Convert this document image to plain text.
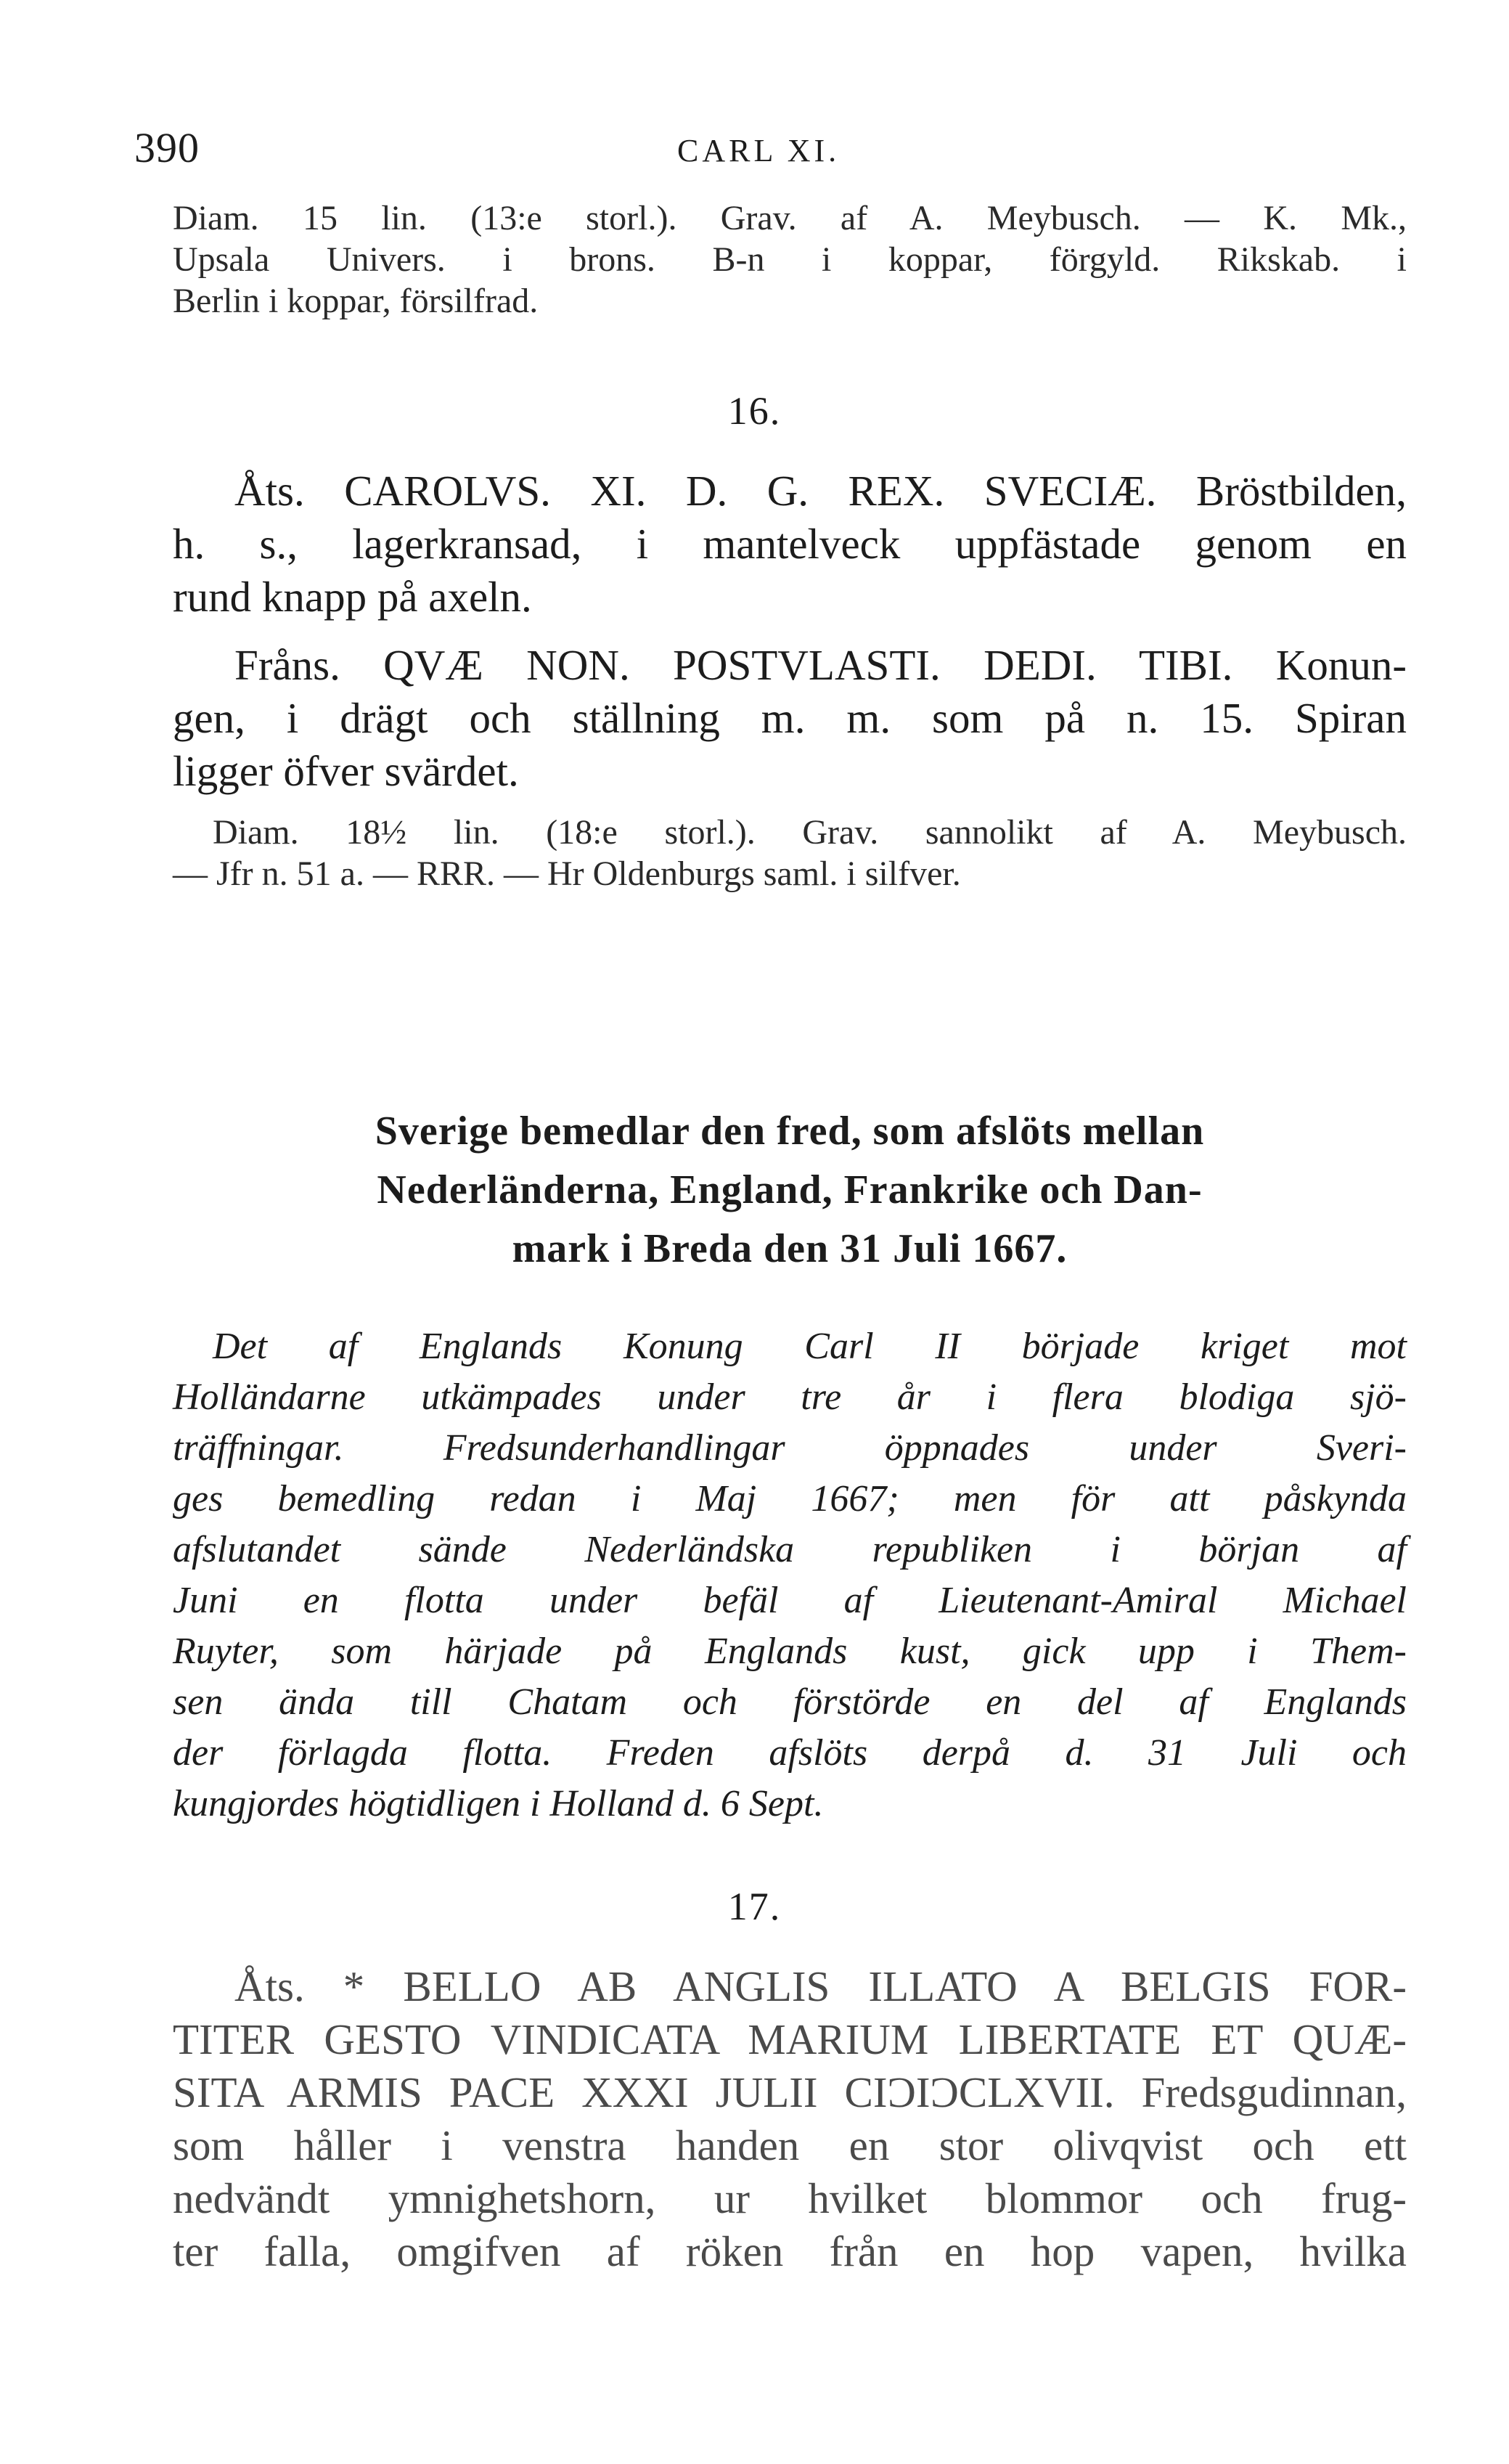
390	CARL XI.
Diam. 15 lin. (13:e storl.). Grav. af A. Meybusch. — K. Mk.,
Upsala Univers. i brons. B-n i koppar, förgyld. Rikskab. i
Berlin i koppar, försilfrad.
16.
Åts. CAROLVS. XI. D. G. REX. SVECIÆ. Bröstbilden,
h. s., lagerkransad, i mantelveck uppfästade genom en
rund knapp på axeln.
Fråns. QVÆ NON. POSTVLASTI. DEDI. TIBI. Konun-
gen, i drägt och ställning m. m. som på n. 15. Spiran
ligger öfver svärdet.
Diam. 18½ lin. (18:e storl.). Grav. sannolikt af A. Meybusch.
— Jfr n. 51 a. — RRR. — Hr Oldenburgs saml. i silfver.
Sverige bemedlar den fred, som afslöts mellan
Nederländerna, England, Frankrike och Dan-
mark i Breda den 31 Juli 1667.
Det af Englands Konung Carl II började kriget mot
Holländarne utkämpades under tre år i flera blodiga sjö-
träffningar. Fredsunderhandlingar öppnades under Sveri-
ges bemedling redan i Maj 1667; men för att påskynda
afslutandet sände Nederländska republiken i början af
Juni en flotta under befäl af Lieutenant-Amiral Michael
Ruyter, som härjade på Englands kust, gick upp i Them-
sen ända till Chatam och förstörde en del af Englands
der förlagda flotta. Freden afslöts derpå d. 31 Juli och
kungjordes högtidligen i Holland d. 6 Sept.
17.
Åts. * BELLO AB ANGLIS ILLATO A BELGIS FOR-
TITER GESTO VINDICATA MARIUM LIBERTATE ET QUÆ-
SITA ARMIS PACE XXXI JULII CIƆIƆCLXVII. Fredsgudinnan,
som håller i venstra handen en stor olivqvist och ett
nedvändt ymnighetshorn, ur hvilket blommor och frug-
ter falla, omgifven af röken från en hop vapen, hvilka
